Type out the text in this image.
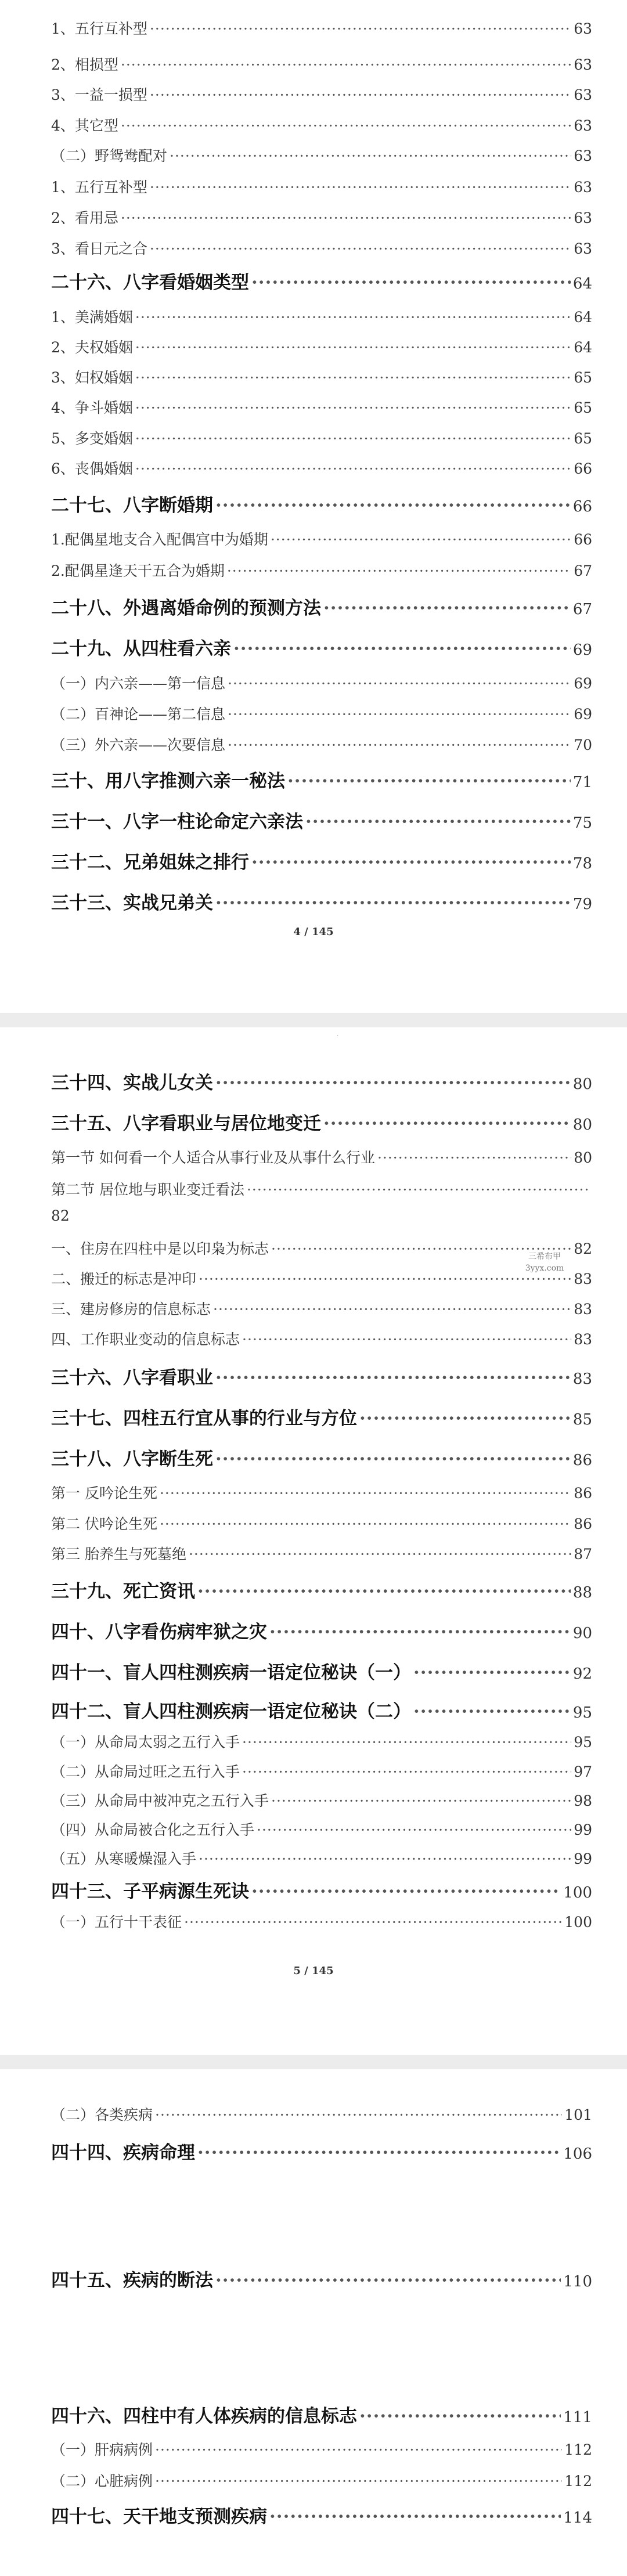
1、五行互补型 ·····	63
2、相损型 ·····	63
3、一益一损型 ·····	63
4、其它型 ·····	63
（二）野鸳鸯配对 ·····	63
1、五行互补型 ·····	63
2、看用忌 ·····	63
3、看日元之合 ·····	63
二十六、八字看婚姻类型 ·····	64
1、美满婚姻 ·····	64
2、夫权婚姻 ·····	64
3、妇权婚姻 ·····	65
4、争斗婚姻 ·····	65
5、多变婚姻 ·····	65
6、丧偶婚姻 ·····	66
二十七、八字断婚期 ·····	66
1.配偶星地支合入配偶宫中为婚期 ·····	66
2.配偶星逢天干五合为婚期 ·····	67
二十八、外遇离婚命例的预测方法 ·····	67
二十九、从四柱看六亲 ·····	69
（一）内六亲——第一信息 ·····	69
（二）百神论——第二信息 ·····	69
（三）外六亲——次要信息 ·····	70
三十、用八字推测六亲一秘法 ·····	71
三十一、八字一柱论命定六亲法 ·····	75
三十二、兄弟姐妹之排行 ·····	78
三十三、实战兄弟关 ·····	79
4 / 145
·
三十四、实战儿女关 ·····	80
三十五、八字看职业与居位地变迁 ·····	80
第一节 如何看一个人适合从事行业及从事什么行业 ·····	80
第二节 居位地与职业变迁看法
·····
82
一、住房在四柱中是以印枭为标志 ·····	82
二、搬迁的标志是冲印 ·····	83
三、建房修房的信息标志 ·····	83
四、工作职业变动的信息标志 ·····	83
三希布甲
3yyx.com
三十六、八字看职业 ·····	83
三十七、四柱五行宜从事的行业与方位 ·····	85
三十八、八字断生死 ·····	86
第一 反吟论生死 ·····	86
第二 伏吟论生死 ·····	86
第三 胎养生与死墓绝 ·····	87
三十九、死亡资讯 ·····	88
四十、八字看伤病牢狱之灾 ·····	90
四十一、盲人四柱测疾病一语定位秘诀（一） ·····	92
四十二、盲人四柱测疾病一语定位秘诀（二） ·····	95
（一）从命局太弱之五行入手 ·····	95
（二）从命局过旺之五行入手 ·····	97
（三）从命局中被冲克之五行入手 ·····	98
（四）从命局被合化之五行入手 ·····	99
（五）从寒暖燥湿入手 ·····	99
四十三、子平病源生死诀 ·····	100
（一）五行十干表征 ·····	100
5 / 145
（二）各类疾病 ·····	101
四十四、疾病命理 ·····	106
四十五、疾病的断法 ·····	110
四十六、四柱中有人体疾病的信息标志 ·····	111
（一）肝病病例 ·····	112
（二）心脏病例 ·····	112
四十七、天干地支预测疾病 ·····	114
